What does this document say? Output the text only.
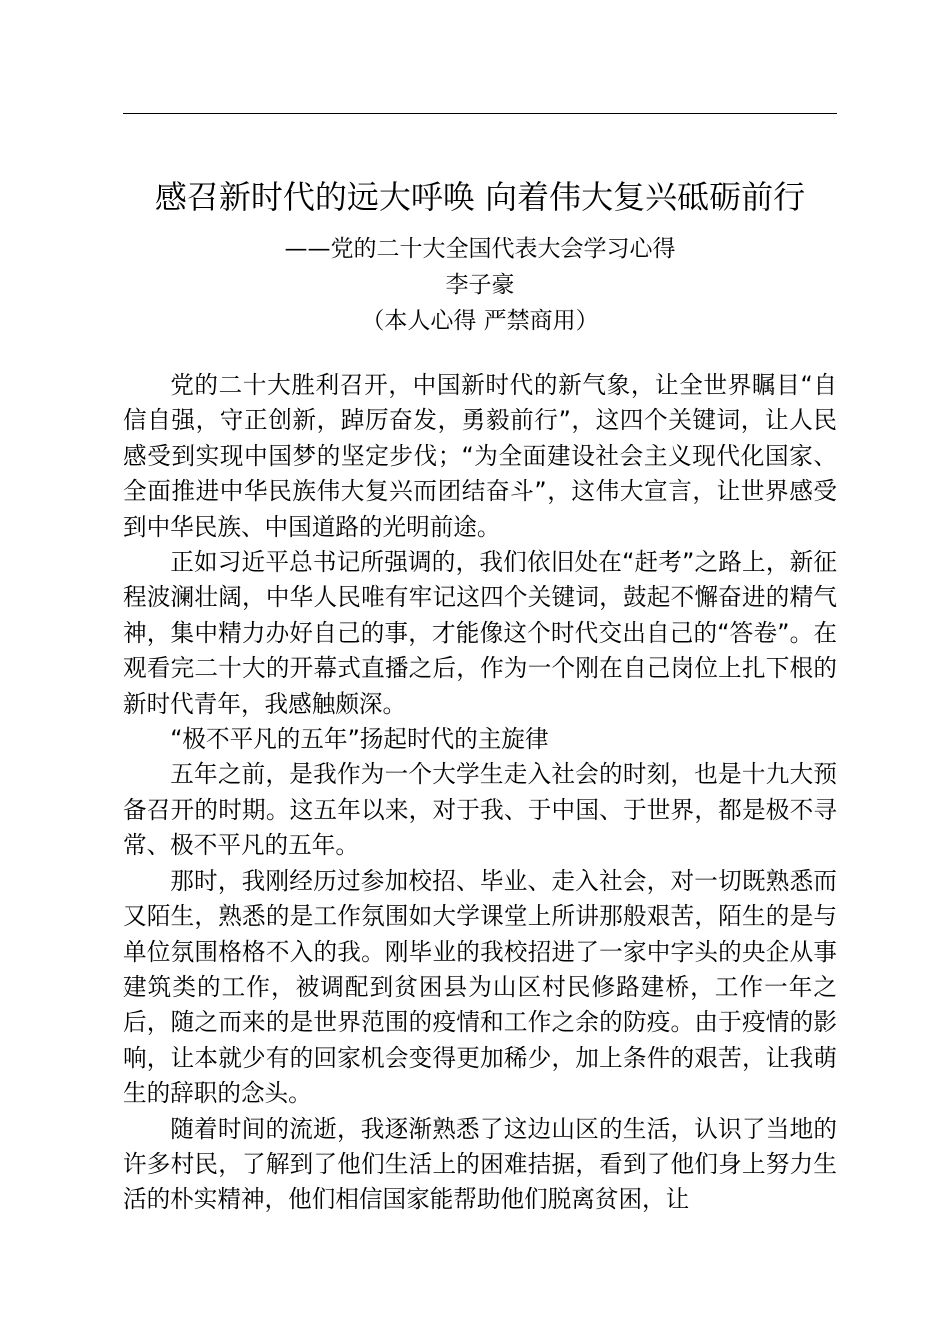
感召新时代的远大呼唤 向着伟大复兴砥砺前行
——党的二十大全国代表大会学习心得
李子豪
（本人心得 严禁商用）

党的二十大胜利召开，中国新时代的新气象，让全世界瞩目“自信自强，守正创新，踔厉奋发，勇毅前行”，这四个关键词，让人民感受到实现中国梦的坚定步伐；“为全面建设社会主义现代化国家、全面推进中华民族伟大复兴而团结奋斗”，这伟大宣言，让世界感受到中华民族、中国道路的光明前途。

正如习近平总书记所强调的，我们依旧处在“赶考”之路上，新征程波澜壮阔，中华人民唯有牢记这四个关键词，鼓起不懈奋进的精气神，集中精力办好自己的事，才能像这个时代交出自己的“答卷”。在观看完二十大的开幕式直播之后，作为一个刚在自己岗位上扎下根的新时代青年，我感触颇深。

“极不平凡的五年”扬起时代的主旋律

五年之前，是我作为一个大学生走入社会的时刻，也是十九大预备召开的时期。这五年以来，对于我、于中国、于世界，都是极不寻常、极不平凡的五年。

那时，我刚经历过参加校招、毕业、走入社会，对一切既熟悉而又陌生，熟悉的是工作氛围如大学课堂上所讲那般艰苦，陌生的是与单位氛围格格不入的我。刚毕业的我校招进了一家中字头的央企从事建筑类的工作，被调配到贫困县为山区村民修路建桥，工作一年之后，随之而来的是世界范围的疫情和工作之余的防疫。由于疫情的影响，让本就少有的回家机会变得更加稀少，加上条件的艰苦，让我萌生的辞职的念头。

随着时间的流逝，我逐渐熟悉了这边山区的生活，认识了当地的许多村民，了解到了他们生活上的困难拮据，看到了他们身上努力生活的朴实精神，他们相信国家能帮助他们脱离贫困，让
